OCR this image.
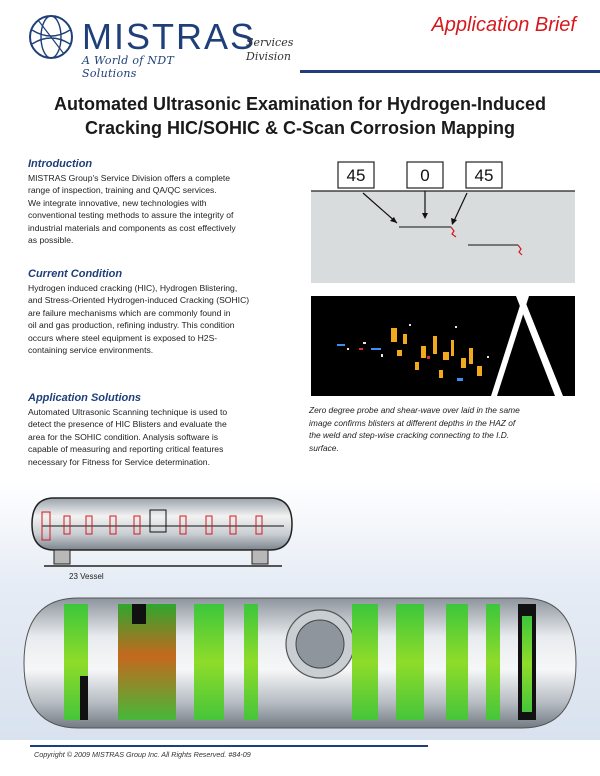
MISTRAS
A World of NDT Solutions
Services
Division
Application Brief
Automated Ultrasonic Examination for Hydrogen-Induced
Cracking HIC/SOHIC & C-Scan Corrosion Mapping
Introduction
MISTRAS Group's Service Division offers a complete
range of inspection, training and QA/QC services.
We integrate innovative, new technologies with
conventional testing methods to assure the integrity of
industrial materials and components as cost effectively
as possible.
Current Condition
Hydrogen induced cracking (HIC), Hydrogen Blistering,
and Stress-Oriented Hydrogen-induced Cracking (SOHIC)
are failure mechanisms which are commonly found in
oil and gas production, refining industry. This condition
occurs where steel equipment is exposed to H2S-
containing service environments.
Application Solutions
Automated Ultrasonic Scanning technique is used to
detect the presence of HIC Blisters and evaluate the
area for the SOHIC condition. Analysis software is
capable of measuring and reporting critical features
necessary for Fitness for Service determination.
45	0	45
Zero degree probe and shear-wave over laid in the same
image confirms blisters at different depths in the HAZ of
the weld and step-wise cracking connecting to the I.D.
surface.
23 Vessel
Copyright © 2009 MISTRAS Group Inc. All Rights Reserved. #84-09
